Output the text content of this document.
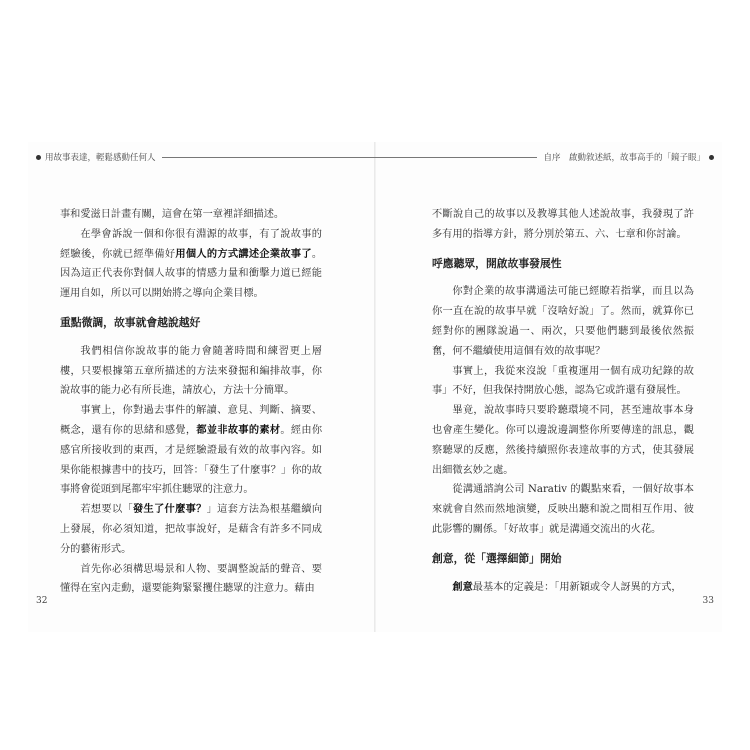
用故事表達，輕鬆感動任何人	自序　啟動敘述紙，故事高手的「鏡子眼」

事和愛滋日計畫有關，這會在第一章裡詳細描述。

在學會訴說一個和你很有淵源的故事，有了說故事的經驗後，你就已經準備好用個人的方式講述企業故事了。因為這正代表你對個人故事的情感力量和衝擊力道已經能運用自如，所以可以開始將之導向企業目標。

重點微調，故事就會越說越好

我們相信你說故事的能力會隨著時間和練習更上層樓，只要根據第五章所描述的方法來發掘和編排故事，你說故事的能力必有所長進，請放心，方法十分簡單。

事實上，你對過去事件的解讀、意見、判斷、摘要、概念，還有你的思緒和感覺，都並非故事的素材。經由你感官所接收到的東西，才是經驗證最有效的故事內容。如果你能根據書中的技巧，回答：「發生了什麼事？」你的故事將會從頭到尾都牢牢抓住聽眾的注意力。

若想要以「發生了什麼事？」這套方法為根基繼續向上發展，你必須知道，把故事說好，是藉含有許多不同成分的藝術形式。

首先你必須構思場景和人物、要調整說話的聲音、要懂得在室內走動，還要能夠緊緊攫住聽眾的注意力。藉由

不斷說自己的故事以及教導其他人述說故事，我發現了許多有用的指導方針，將分別於第五、六、七章和你討論。

呼應聽眾，開啟故事發展性

你對企業的故事溝通法可能已經瞭若指掌，而且以為你一直在說的故事早就「沒啥好說」了。然而，就算你已經對你的團隊說過一、兩次，只要他們聽到最後依然振奮，何不繼續使用這個有效的故事呢？

事實上，我從來沒說「重複運用一個有成功紀錄的故事」不好，但我保持開放心態，認為它或許還有發展性。

畢竟，說故事時只要聆聽環境不同，甚至連故事本身也會產生變化。你可以邊說邊調整你所要傳達的訊息，觀察聽眾的反應，然後持續照你表達故事的方式，使其發展出細微玄妙之處。

從溝通諮詢公司 Narativ 的觀點來看，一個好故事本來就會自然而然地演變，反映出聽和說之間相互作用、彼此影響的關係。「好故事」就是溝通交流出的火花。

創意，從「選擇細節」開始

創意最基本的定義是：「用新穎或令人訝異的方式，

32	33
